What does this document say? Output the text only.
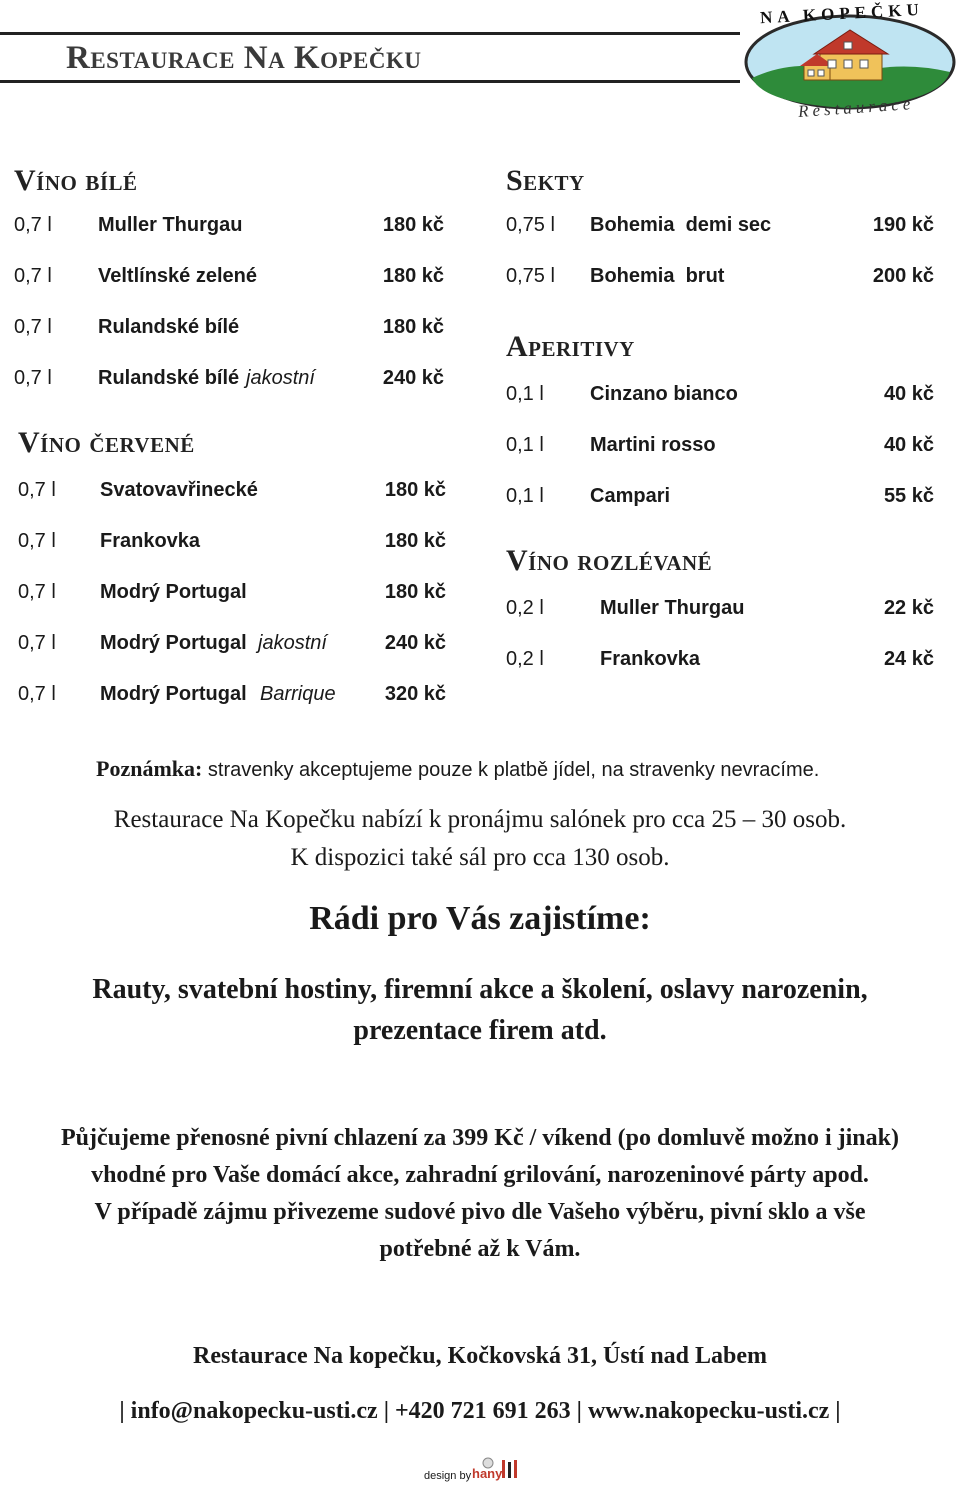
Restaurace Na Kopečku
NA KOPEČKU
Restaurace
Víno bílé
0,7 l Muller Thurgau	180 kč
0,7 l Veltlínské zelené	180 kč
0,7 l Rulandské bílé	180 kč
0,7 l Rulandské bílé jakostní	240 kč
Víno červené
0,7 l Svatovavřinecké	180 kč
0,7 l Frankovka	180 kč
0,7 l Modrý Portugal	180 kč
0,7 l Modrý Portugal jakostní	240 kč
0,7 l Modrý Portugal Barrique 320 kč
Sekty
0,75 l Bohemia  demi sec	190 kč
0,75 l Bohemia  brut	200 kč
Aperitivy
0,1 l Cinzano bianco	40 kč
0,1 l Martini rosso	40 kč
0,1 l Campari	55 kč
Víno rozlévané
0,2 l	Muller Thurgau	22 kč
0,2 l	Frankovka	24 kč
Poznámka: stravenky akceptujeme pouze k platbě jídel, na stravenky nevracíme.
Restaurace Na Kopečku nabízí k pronájmu salónek pro cca 25 – 30 osob.
K dispozici také sál pro cca 130 osob.
Rádi pro Vás zajistíme:
Rauty, svatební hostiny, firemní akce a školení, oslavy narozenin,
prezentace firem atd.
Půjčujeme přenosné pivní chlazení za 399 Kč / víkend (po domluvě možno i jinak)
vhodné pro Vaše domácí akce, zahradní grilování, narozeninové párty apod.
V případě zájmu přivezeme sudové pivo dle Vašeho výběru, pivní sklo a vše
potřebné až k Vám.
Restaurace Na kopečku, Kočkovská 31, Ústí nad Labem
| info@nakopecku-usti.cz | +420 721 691 263 | www.nakopecku-usti.cz |
design by hany
